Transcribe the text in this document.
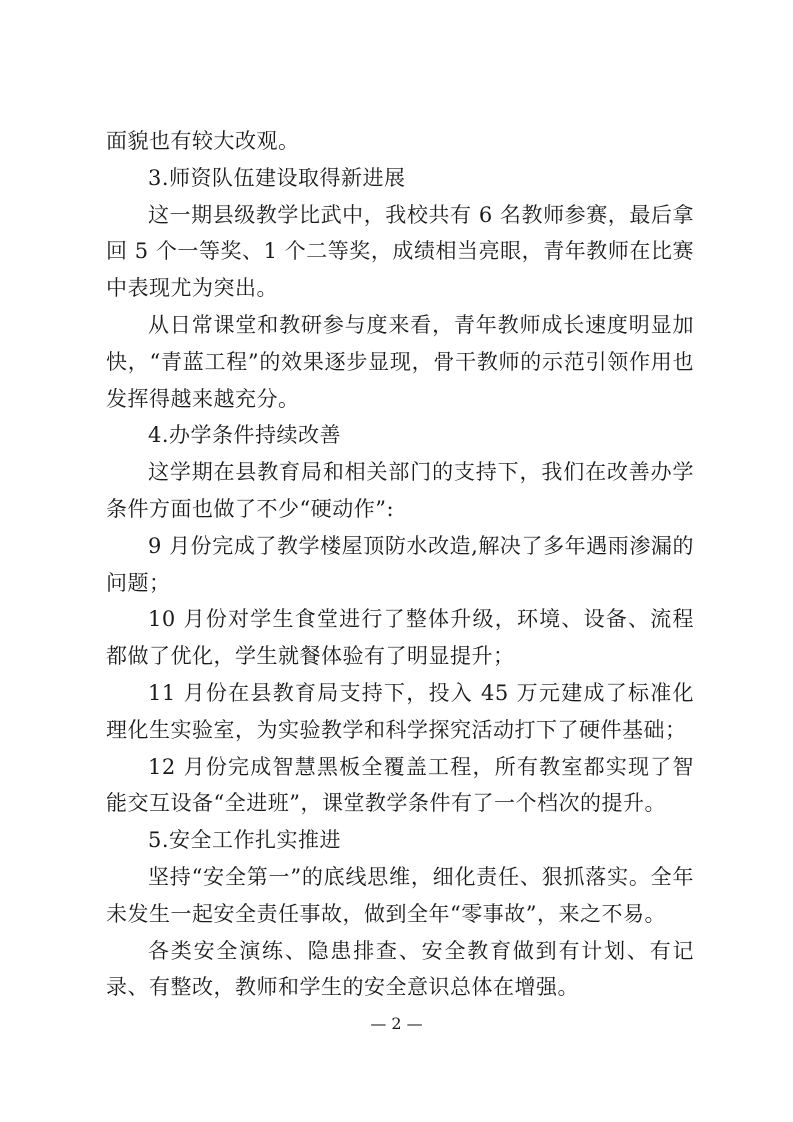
面貌也有较大改观。

3.师资队伍建设取得新进展

这一期县级教学比武中，我校共有 6 名教师参赛，最后拿回 5 个一等奖、1 个二等奖，成绩相当亮眼，青年教师在比赛中表现尤为突出。

从日常课堂和教研参与度来看，青年教师成长速度明显加快，“青蓝工程”的效果逐步显现，骨干教师的示范引领作用也发挥得越来越充分。

4.办学条件持续改善

这学期在县教育局和相关部门的支持下，我们在改善办学条件方面也做了不少“硬动作”:

9 月份完成了教学楼屋顶防水改造,解决了多年遇雨渗漏的问题；

10 月份对学生食堂进行了整体升级，环境、设备、流程都做了优化，学生就餐体验有了明显提升；

11 月份在县教育局支持下，投入 45 万元建成了标准化理化生实验室，为实验教学和科学探究活动打下了硬件基础；

12 月份完成智慧黑板全覆盖工程，所有教室都实现了智能交互设备“全进班”，课堂教学条件有了一个档次的提升。

5.安全工作扎实推进

坚持“安全第一”的底线思维，细化责任、狠抓落实。全年未发生一起安全责任事故，做到全年“零事故”，来之不易。

各类安全演练、隐患排查、安全教育做到有计划、有记录、有整改，教师和学生的安全意识总体在增强。

— 2 —
